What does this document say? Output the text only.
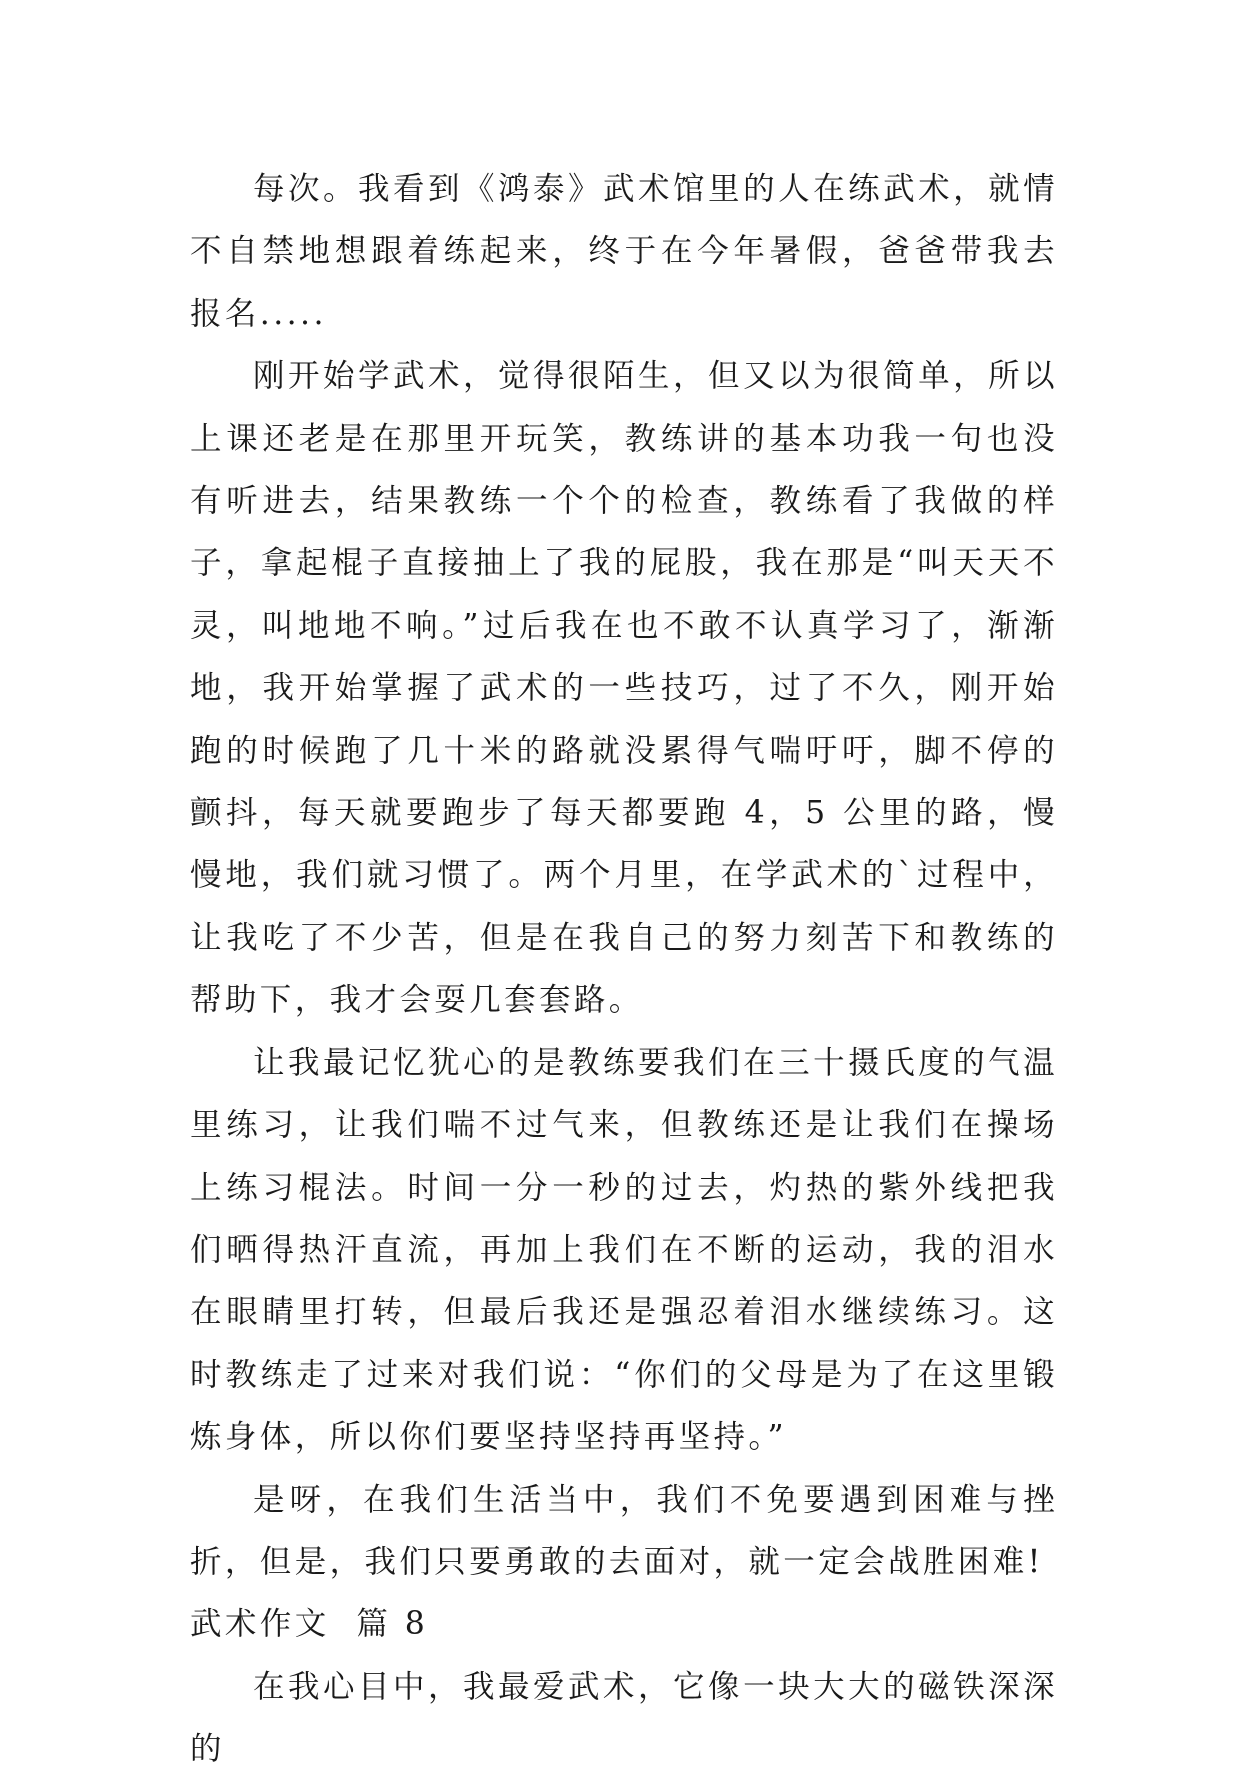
每次。我看到《鸿泰》武术馆里的人在练武术，就情不自禁地想跟着练起来，终于在今年暑假，爸爸带我去报名.....

刚开始学武术，觉得很陌生，但又以为很简单，所以上课还老是在那里开玩笑，教练讲的基本功我一句也没有听进去，结果教练一个个的检查，教练看了我做的样子，拿起棍子直接抽上了我的屁股，我在那是“叫天天不灵，叫地地不响。”过后我在也不敢不认真学习了，渐渐地，我开始掌握了武术的一些技巧，过了不久，刚开始跑的时候跑了几十米的路就没累得气喘吁吁，脚不停的颤抖，每天就要跑步了每天都要跑 4，5 公里的路，慢慢地，我们就习惯了。两个月里，在学武术的`过程中，让我吃了不少苦，但是在我自己的努力刻苦下和教练的帮助下，我才会耍几套套路。

让我最记忆犹心的是教练要我们在三十摄氏度的气温里练习，让我们喘不过气来，但教练还是让我们在操场上练习棍法。时间一分一秒的过去，灼热的紫外线把我们晒得热汗直流，再加上我们在不断的运动，我的泪水在眼睛里打转，但最后我还是强忍着泪水继续练习。这时教练走了过来对我们说：“你们的父母是为了在这里锻炼身体，所以你们要坚持坚持再坚持。”

是呀，在我们生活当中，我们不免要遇到困难与挫折，但是，我们只要勇敢的去面对，就一定会战胜困难!

武术作文  篇 8

在我心目中，我最爱武术，它像一块大大的磁铁深深的
